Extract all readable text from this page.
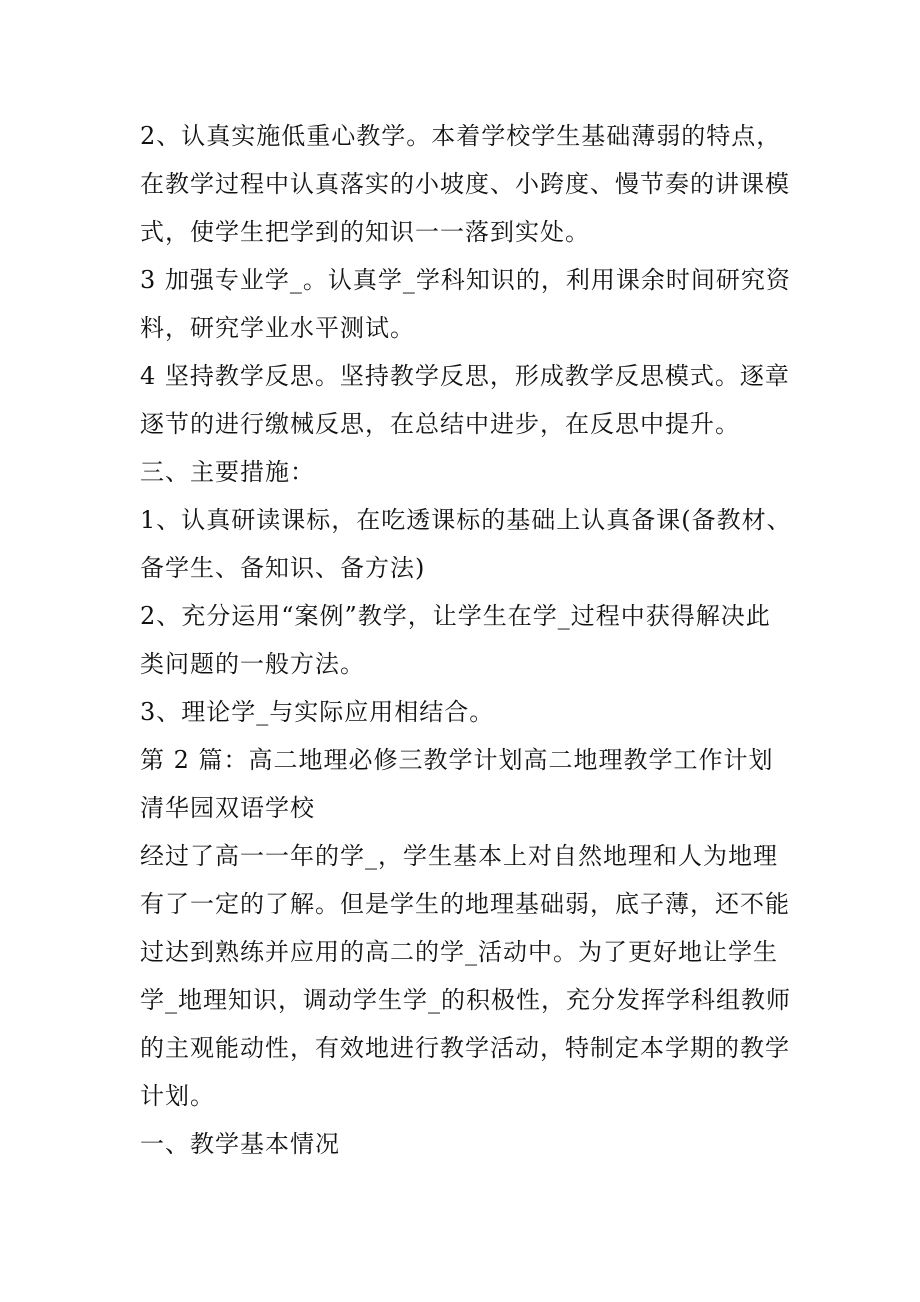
2、认真实施低重心教学。本着学校学生基础薄弱的特点，
在教学过程中认真落实的小坡度、小跨度、慢节奏的讲课模
式，使学生把学到的知识一一落到实处。
3 加强专业学_。认真学_学科知识的，利用课余时间研究资
料，研究学业水平测试。
4 坚持教学反思。坚持教学反思，形成教学反思模式。逐章
逐节的进行缴械反思，在总结中进步，在反思中提升。
三、主要措施：
1、认真研读课标，在吃透课标的基础上认真备课(备教材、
备学生、备知识、备方法)
2、充分运用“案例”教学，让学生在学_过程中获得解决此
类问题的一般方法。
3、理论学_与实际应用相结合。
第 2 篇：高二地理必修三教学计划高二地理教学工作计划
清华园双语学校
经过了高一一年的学_，学生基本上对自然地理和人为地理
有了一定的了解。但是学生的地理基础弱，底子薄，还不能
过达到熟练并应用的高二的学_活动中。为了更好地让学生
学_地理知识，调动学生学_的积极性，充分发挥学科组教师
的主观能动性，有效地进行教学活动，特制定本学期的教学
计划。
一、教学基本情况
